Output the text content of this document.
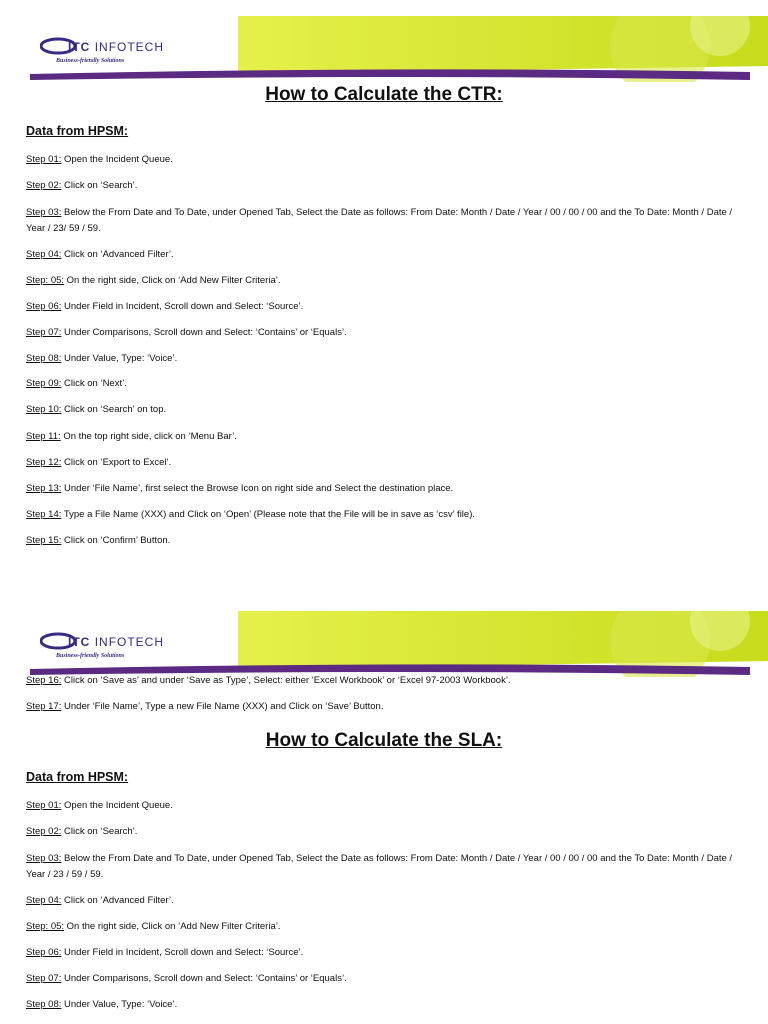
ITC INFOTECH
Business-friendly Solutions
How to Calculate the CTR:
Data from HPSM:

Step 01: Open the Incident Queue.

Step 02: Click on ‘Search’.

Step 03: Below the From Date and To Date, under Opened Tab, Select the Date as follows: From Date: Month / Date / Year / 00 / 00 / 00 and the To Date: Month / Date / Year / 23/ 59 / 59.

Step 04: Click on ‘Advanced Filter’.

Step: 05: On the right side, Click on ‘Add New Filter Criteria’.

Step 06: Under Field in Incident, Scroll down and Select: ‘Source’.

Step 07: Under Comparisons, Scroll down and Select: ‘Contains’ or ‘Equals’.

Step 08: Under Value, Type: ‘Voice’.

Step 09: Click on ‘Next’.

Step 10: Click on ‘Search’ on top.

Step 11: On the top right side, click on ‘Menu Bar’.

Step 12: Click on ‘Export to Excel’.

Step 13: Under ‘File Name’, first select the Browse Icon on right side and Select the destination place.

Step 14: Type a File Name (XXX) and Click on ‘Open’ (Please note that the File will be in save as ‘csv’ file).

Step 15: Click on ‘Confirm’ Button.

ITC INFOTECH
Business-friendly Solutions

Step 16: Click on ‘Save as’ and under ‘Save as Type’, Select: either ‘Excel Workbook’ or ‘Excel 97-2003 Workbook’.

Step 17: Under ‘File Name’, Type a new File Name (XXX) and Click on ‘Save’ Button.

How to Calculate the SLA:
Data from HPSM:

Step 01: Open the Incident Queue.

Step 02: Click on ‘Search’.

Step 03: Below the From Date and To Date, under Opened Tab, Select the Date as follows: From Date: Month / Date / Year / 00 / 00 / 00 and the To Date: Month / Date / Year / 23 / 59 / 59.

Step 04: Click on ‘Advanced Filter’.

Step: 05: On the right side, Click on ‘Add New Filter Criteria’.

Step 06: Under Field in Incident, Scroll down and Select: ‘Source’.

Step 07: Under Comparisons, Scroll down and Select: ‘Contains’ or ‘Equals’.

Step 08: Under Value, Type: ‘Voice’.
